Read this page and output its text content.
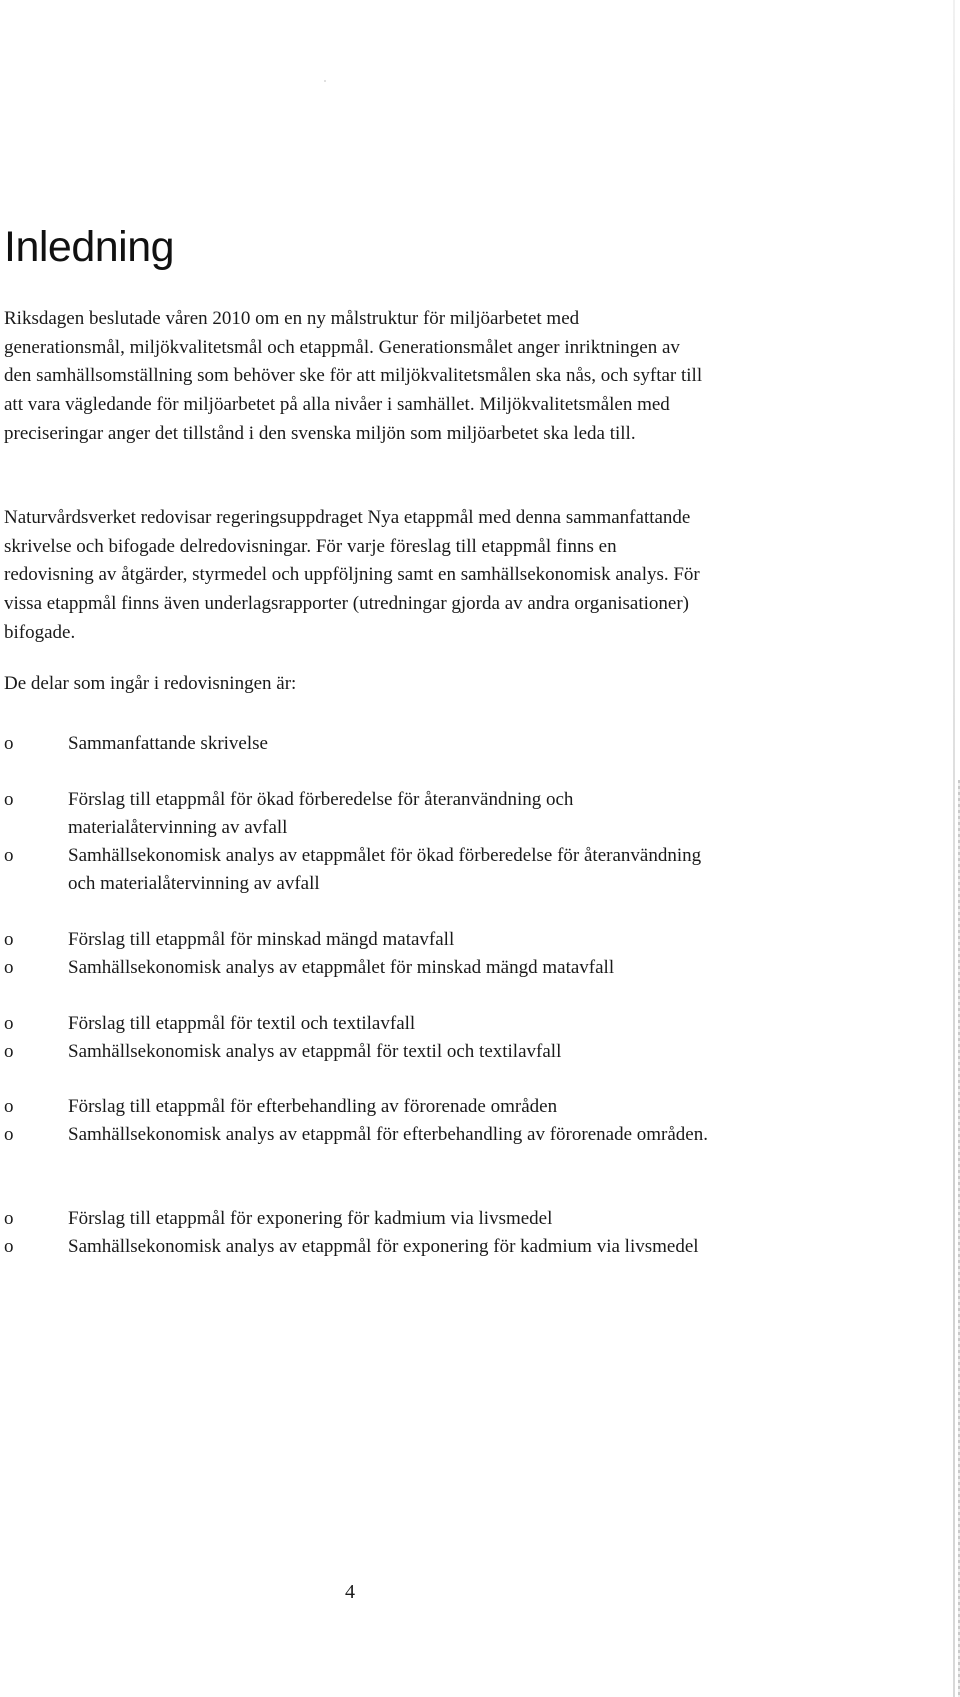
Inledning

Riksdagen beslutade våren 2010 om en ny målstruktur för miljöarbetet med generationsmål, miljökvalitetsmål och etappmål. Generationsmålet anger inriktningen av den samhällsomställning som behöver ske för att miljökvalitetsmålen ska nås, och syftar till att vara vägledande för miljöarbetet på alla nivåer i samhället. Miljökvalitetsmålen med preciseringar anger det tillstånd i den svenska miljön som miljöarbetet ska leda till.

Naturvårdsverket redovisar regeringsuppdraget Nya etappmål med denna sammanfattande skrivelse och bifogade delredovisningar. För varje föreslag till etappmål finns en redovisning av åtgärder, styrmedel och uppföljning samt en samhällsekonomisk analys. För vissa etappmål finns även underlagsrapporter (utredningar gjorda av andra organisationer) bifogade.

De delar som ingår i redovisningen är:

o	Sammanfattande skrivelse
o	Förslag till etappmål för ökad förberedelse för återanvändning och materialåtervinning av avfall
o	Samhällsekonomisk analys av etappmålet för ökad förberedelse för återanvändning och materialåtervinning av avfall
o	Förslag till etappmål för minskad mängd matavfall
o	Samhällsekonomisk analys av etappmålet för minskad mängd matavfall
o	Förslag till etappmål för textil och textilavfall
o	Samhällsekonomisk analys av etappmål för textil och textilavfall
o	Förslag till etappmål för efterbehandling av förorenade områden
o	Samhällsekonomisk analys av etappmål för efterbehandling av förorenade områden.
o	Förslag till etappmål för exponering för kadmium via livsmedel
o	Samhällsekonomisk analys av etappmål för exponering för kadmium via livsmedel
4
